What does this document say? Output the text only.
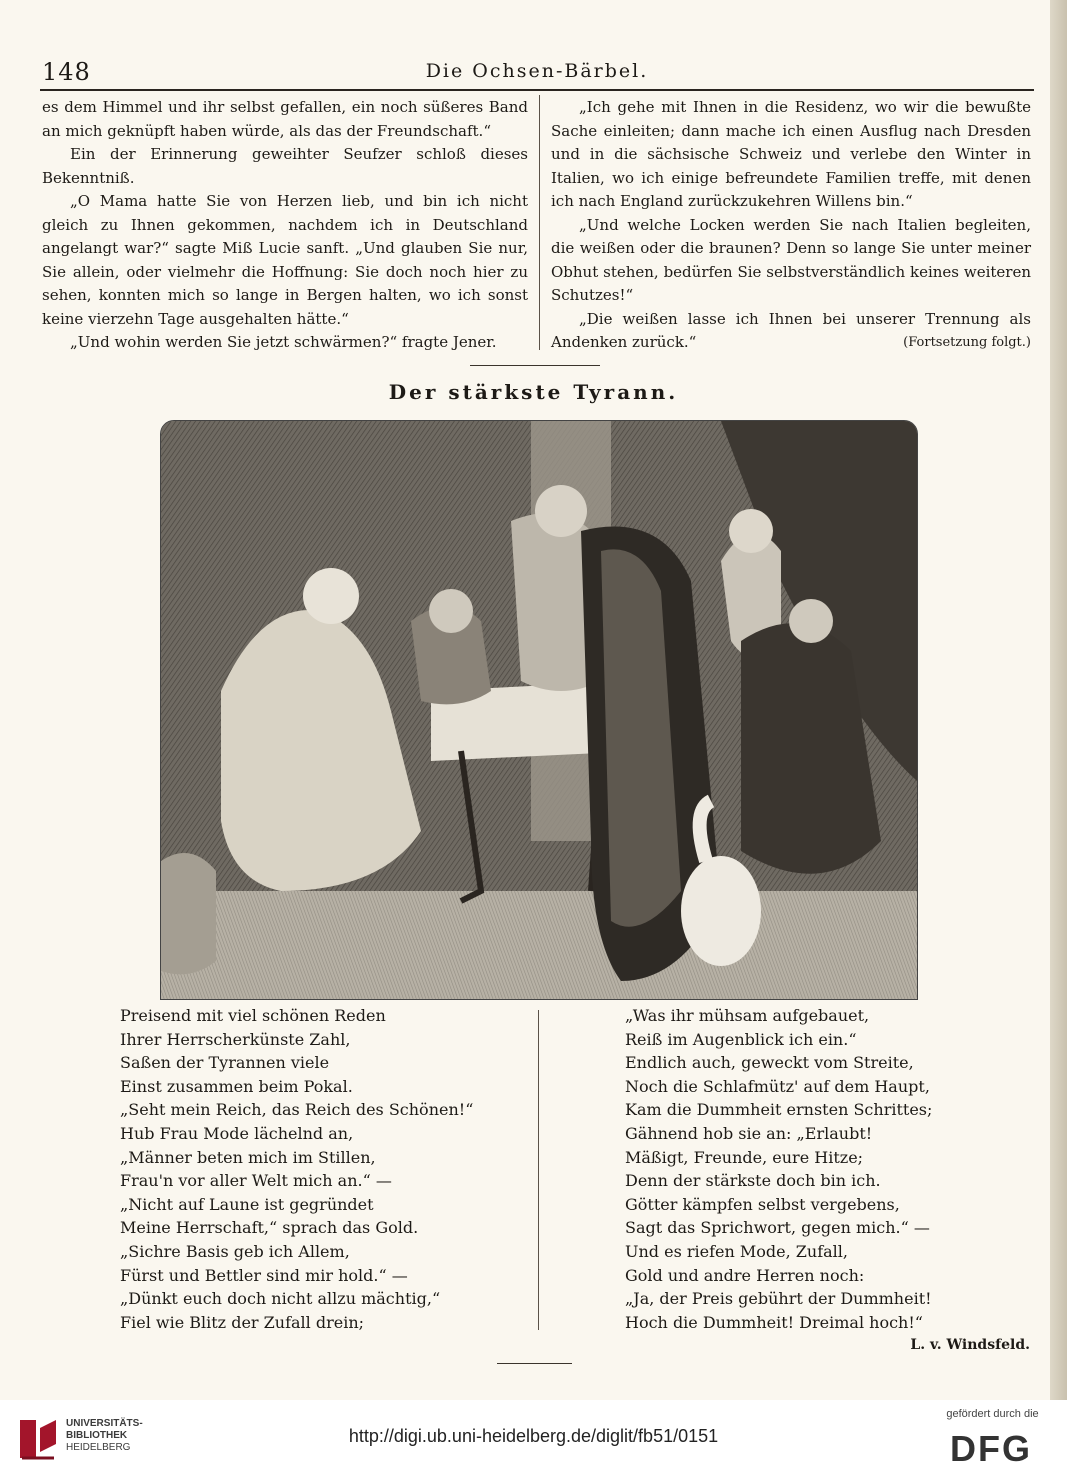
148	Die Ochsen-Bärbel.

es dem Himmel und ihr selbst gefallen, ein noch süßeres Band an mich geknüpft haben würde, als das der Freundschaft.“

Ein der Erinnerung geweihter Seufzer schloß dieses Bekenntniß.

„O Mama hatte Sie von Herzen lieb, und bin ich nicht gleich zu Ihnen gekommen, nachdem ich in Deutschland angelangt war?“ sagte Miß Lucie sanft. „Und glauben Sie nur, Sie allein, oder vielmehr die Hoffnung: Sie doch noch hier zu sehen, konnten mich so lange in Bergen halten, wo ich sonst keine vierzehn Tage ausgehalten hätte.“

„Und wohin werden Sie jetzt schwärmen?“ fragte Jener.

„Ich gehe mit Ihnen in die Residenz, wo wir die bewußte Sache einleiten; dann mache ich einen Ausflug nach Dresden und in die sächsische Schweiz und verlebe den Winter in Italien, wo ich einige befreundete Familien treffe, mit denen ich nach England zurückzukehren Willens bin.“

„Und welche Locken werden Sie nach Italien begleiten, die weißen oder die braunen? Denn so lange Sie unter meiner Obhut stehen, bedürfen Sie selbstverständlich keines weiteren Schutzes!“

„Die weißen lasse ich Ihnen bei unserer Trennung als Andenken zurück.“	(Fortsetzung folgt.)

Der stärkste Tyrann.
Preisend mit viel schönen Reden
Ihrer Herrscherkünste Zahl,
Saßen der Tyrannen viele
Einst zusammen beim Pokal.
„Seht mein Reich, das Reich des Schönen!“
Hub Frau Mode lächelnd an,
„Männer beten mich im Stillen,
Frau'n vor aller Welt mich an.“ —
„Nicht auf Laune ist gegründet
Meine Herrschaft,“ sprach das Gold.
„Sichre Basis geb ich Allem,
Fürst und Bettler sind mir hold.“ —
„Dünkt euch doch nicht allzu mächtig,“
Fiel wie Blitz der Zufall drein;
„Was ihr mühsam aufgebauet,
Reiß im Augenblick ich ein.“
Endlich auch, geweckt vom Streite,
Noch die Schlafmütz' auf dem Haupt,
Kam die Dummheit ernsten Schrittes;
Gähnend hob sie an: „Erlaubt!
Mäßigt, Freunde, eure Hitze;
Denn der stärkste doch bin ich.
Götter kämpfen selbst vergebens,
Sagt das Sprichwort, gegen mich.“ —
Und es riefen Mode, Zufall,
Gold und andre Herren noch:
„Ja, der Preis gebührt der Dummheit!
Hoch die Dummheit! Dreimal hoch!“
L. v. Windsfeld.
UNIVERSITÄTS-
BIBLIOTHEK
HEIDELBERG
http://digi.ub.uni-heidelberg.de/diglit/fb51/0151
gefördert durch die
DFG
